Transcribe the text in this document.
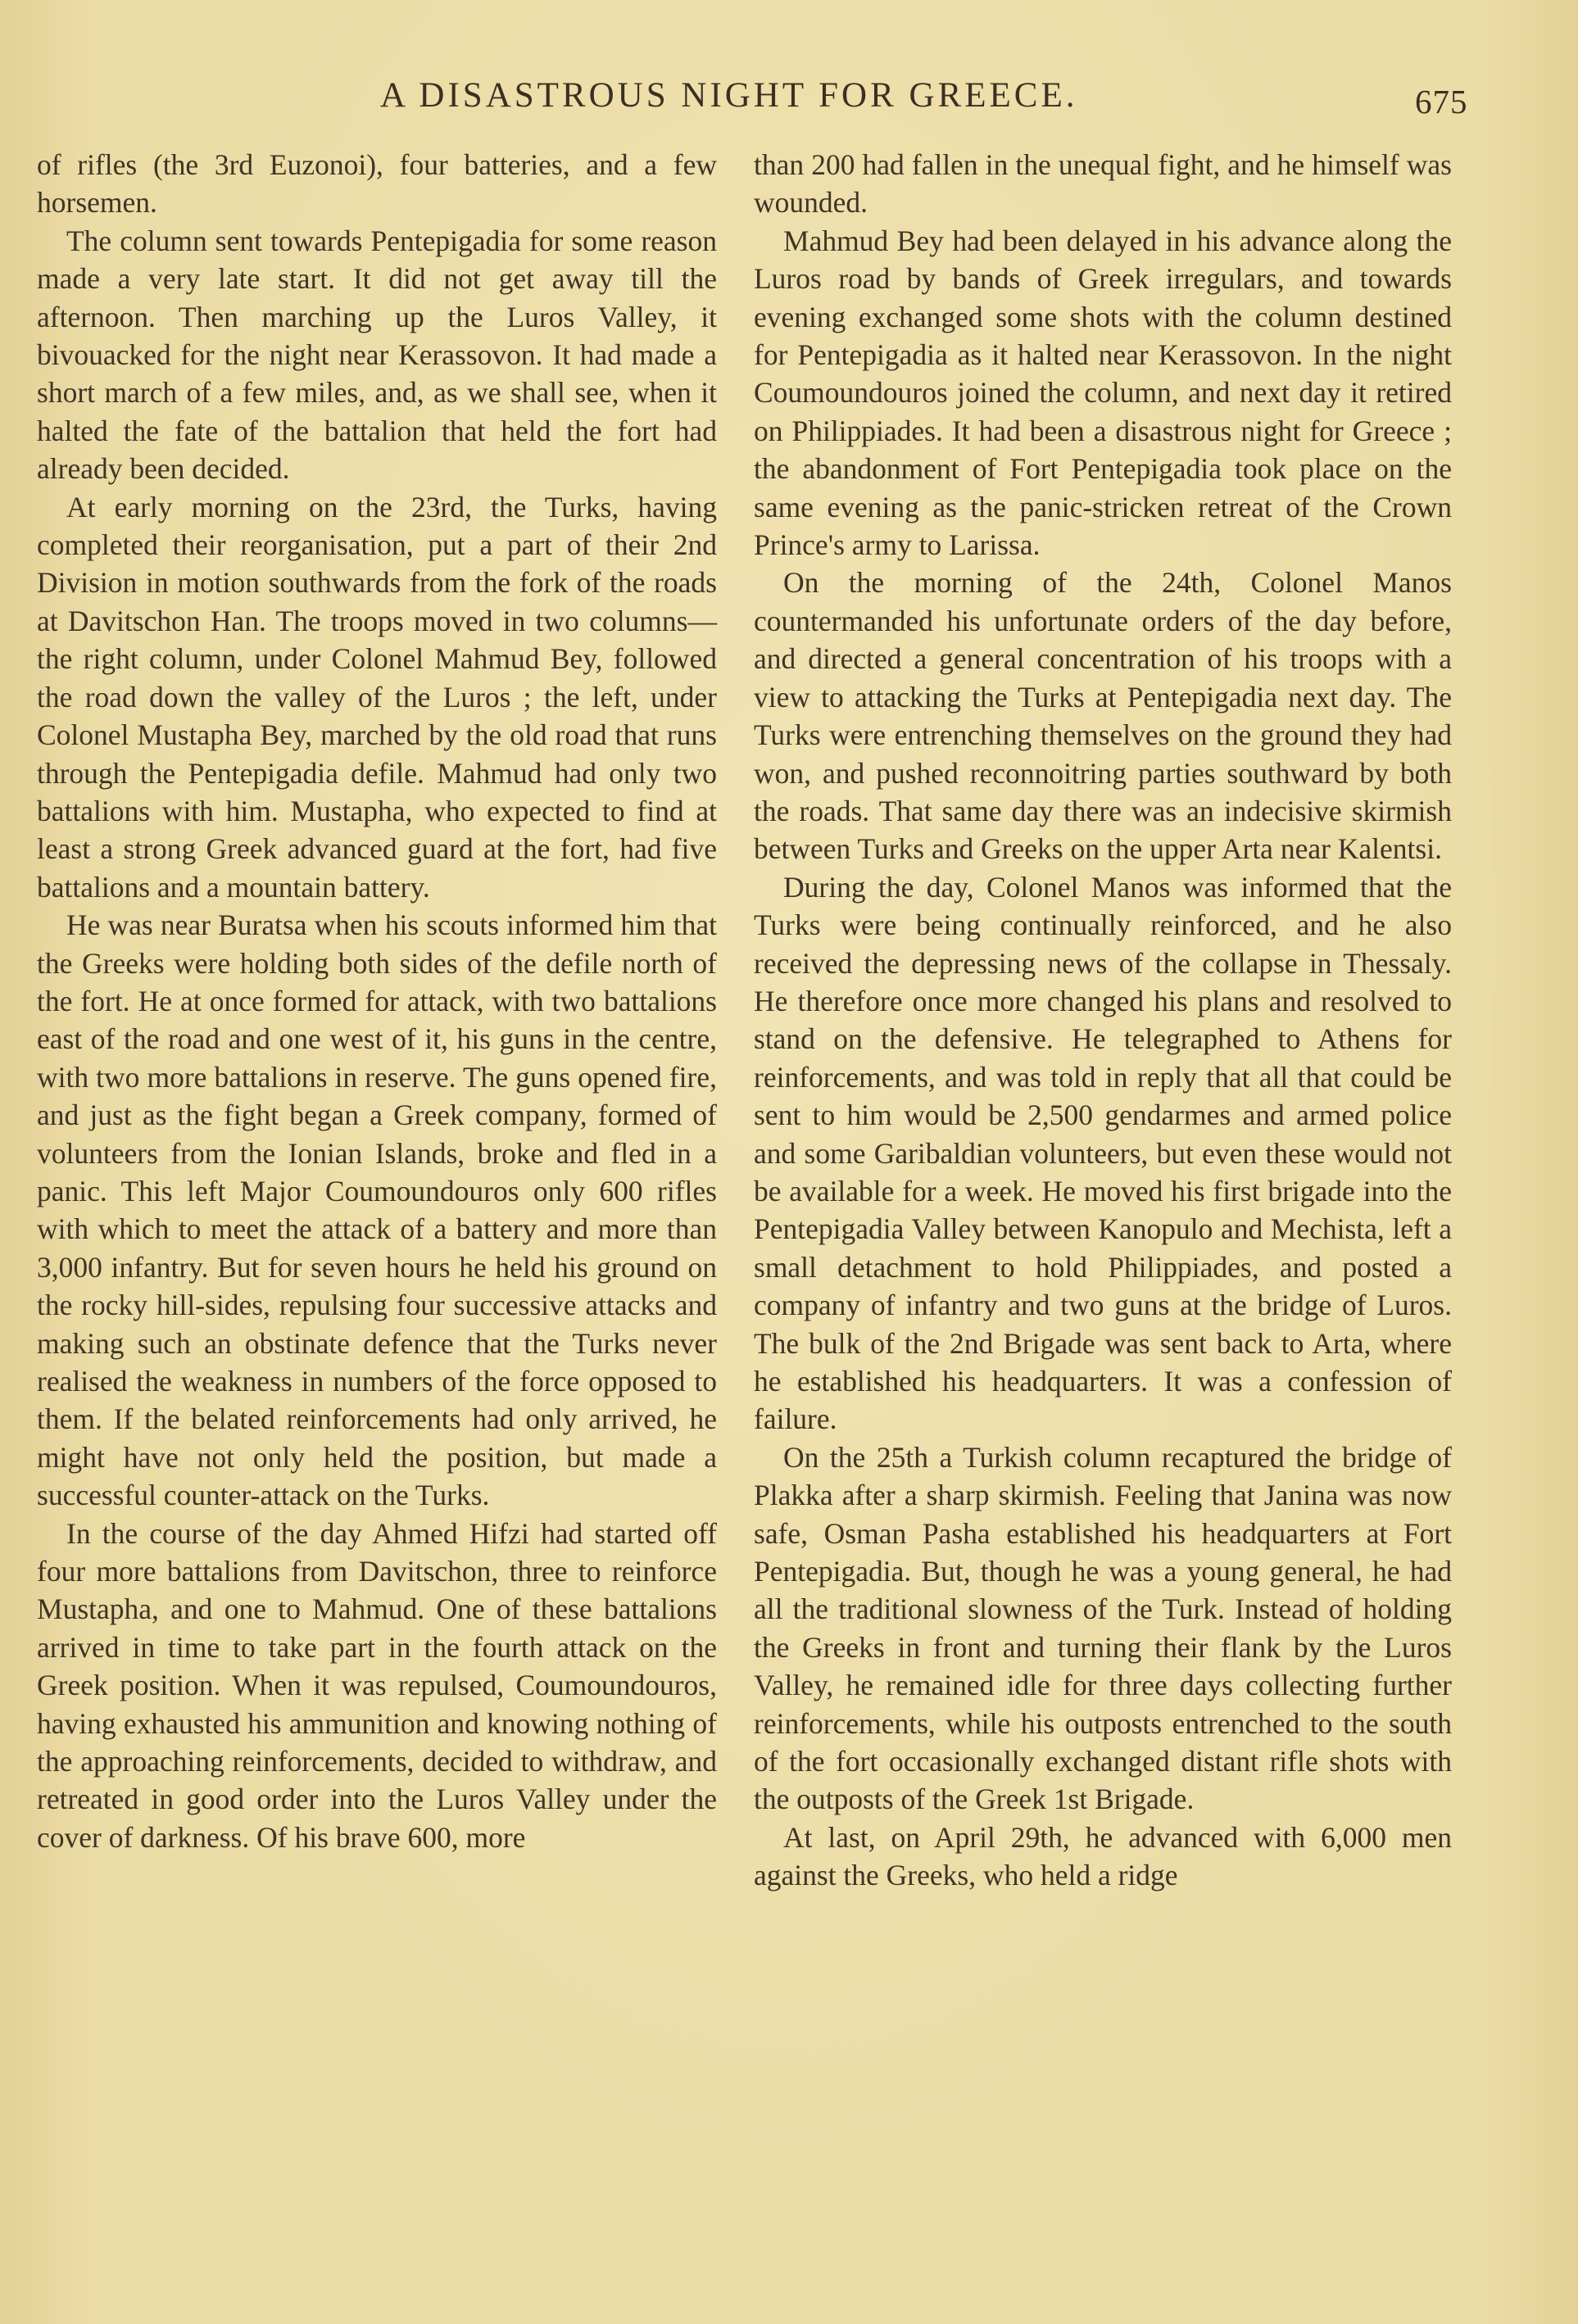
A DISASTROUS NIGHT FOR GREECE.	675

of rifles (the 3rd Euzonoi), four batteries, and a few horsemen.

The column sent towards Pentepigadia for some reason made a very late start. It did not get away till the afternoon. Then marching up the Luros Valley, it bivouacked for the night near Kerassovon. It had made a short march of a few miles, and, as we shall see, when it halted the fate of the battalion that held the fort had already been decided.

At early morning on the 23rd, the Turks, having completed their reorganisation, put a part of their 2nd Division in motion southwards from the fork of the roads at Davitschon Han. The troops moved in two columns—the right column, under Colonel Mahmud Bey, followed the road down the valley of the Luros ; the left, under Colonel Mustapha Bey, marched by the old road that runs through the Pentepigadia defile. Mahmud had only two battalions with him. Mustapha, who expected to find at least a strong Greek advanced guard at the fort, had five battalions and a mountain battery.

He was near Buratsa when his scouts informed him that the Greeks were holding both sides of the defile north of the fort. He at once formed for attack, with two battalions east of the road and one west of it, his guns in the centre, with two more battalions in reserve. The guns opened fire, and just as the fight began a Greek company, formed of volunteers from the Ionian Islands, broke and fled in a panic. This left Major Coumoundouros only 600 rifles with which to meet the attack of a battery and more than 3,000 infantry. But for seven hours he held his ground on the rocky hill-sides, repulsing four successive attacks and making such an obstinate defence that the Turks never realised the weakness in numbers of the force opposed to them. If the belated reinforcements had only arrived, he might have not only held the position, but made a successful counter-attack on the Turks.

In the course of the day Ahmed Hifzi had started off four more battalions from Davitschon, three to reinforce Mustapha, and one to Mahmud. One of these battalions arrived in time to take part in the fourth attack on the Greek position. When it was repulsed, Coumoundouros, having exhausted his ammunition and knowing nothing of the approaching reinforcements, decided to withdraw, and retreated in good order into the Luros Valley under the cover of darkness. Of his brave 600, more

than 200 had fallen in the unequal fight, and he himself was wounded.

Mahmud Bey had been delayed in his advance along the Luros road by bands of Greek irregulars, and towards evening exchanged some shots with the column destined for Pentepigadia as it halted near Kerassovon. In the night Coumoundouros joined the column, and next day it retired on Philippiades. It had been a disastrous night for Greece ; the abandonment of Fort Pentepigadia took place on the same evening as the panic-stricken retreat of the Crown Prince's army to Larissa.

On the morning of the 24th, Colonel Manos countermanded his unfortunate orders of the day before, and directed a general concentration of his troops with a view to attacking the Turks at Pentepigadia next day. The Turks were entrenching themselves on the ground they had won, and pushed reconnoitring parties southward by both the roads. That same day there was an indecisive skirmish between Turks and Greeks on the upper Arta near Kalentsi.

During the day, Colonel Manos was informed that the Turks were being continually reinforced, and he also received the depressing news of the collapse in Thessaly. He therefore once more changed his plans and resolved to stand on the defensive. He telegraphed to Athens for reinforcements, and was told in reply that all that could be sent to him would be 2,500 gendarmes and armed police and some Garibaldian volunteers, but even these would not be available for a week. He moved his first brigade into the Pentepigadia Valley between Kanopulo and Mechista, left a small detachment to hold Philippiades, and posted a company of infantry and two guns at the bridge of Luros. The bulk of the 2nd Brigade was sent back to Arta, where he established his headquarters. It was a confession of failure.

On the 25th a Turkish column recaptured the bridge of Plakka after a sharp skirmish. Feeling that Janina was now safe, Osman Pasha established his headquarters at Fort Pentepigadia. But, though he was a young general, he had all the traditional slowness of the Turk. Instead of holding the Greeks in front and turning their flank by the Luros Valley, he remained idle for three days collecting further reinforcements, while his outposts entrenched to the south of the fort occasionally exchanged distant rifle shots with the outposts of the Greek 1st Brigade.

At last, on April 29th, he advanced with 6,000 men against the Greeks, who held a ridge
